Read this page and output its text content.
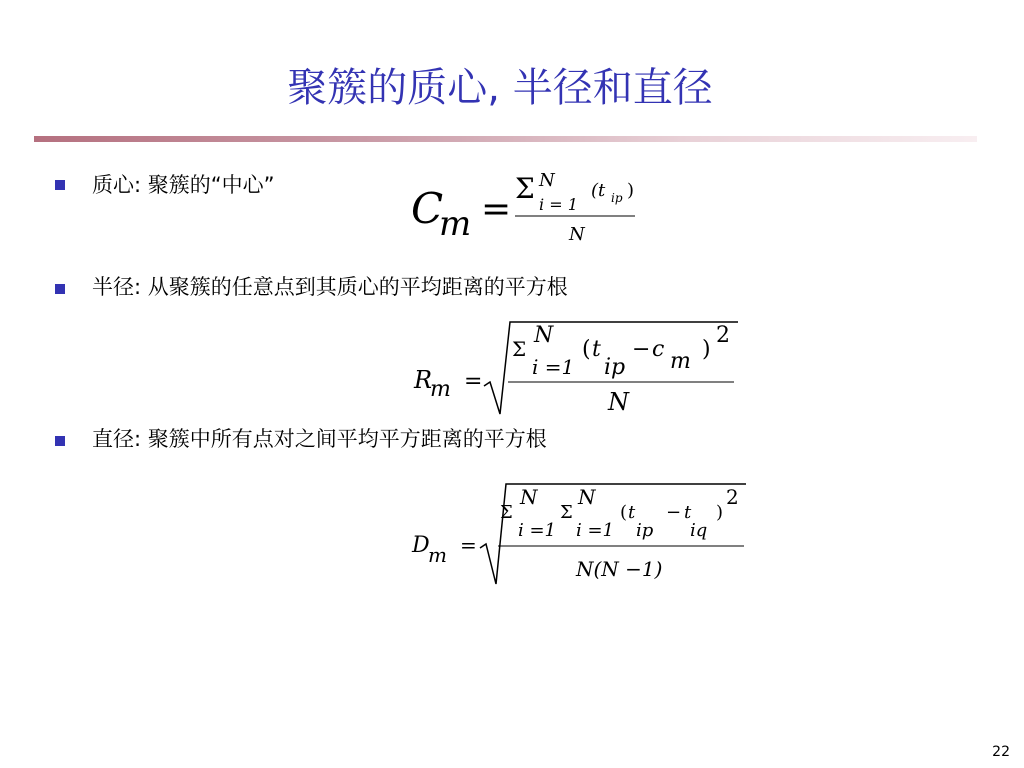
聚簇的质心, 半径和直径
质心: 聚簇的“中心”	C
m =
Σ N
i = 1
(t ip )
N
半径: 从聚簇的任意点到其质心的平均距离的平方根
R
m =
Σ
N
i =1
( t
ip
− c m )
2
N
直径: 聚簇中所有点对之间平均平方距离的平方根
D
m =
Σ
N
i =1
Σ
N
i =1
( t
ip
− t
iq
)
2
N(N −1)
22
